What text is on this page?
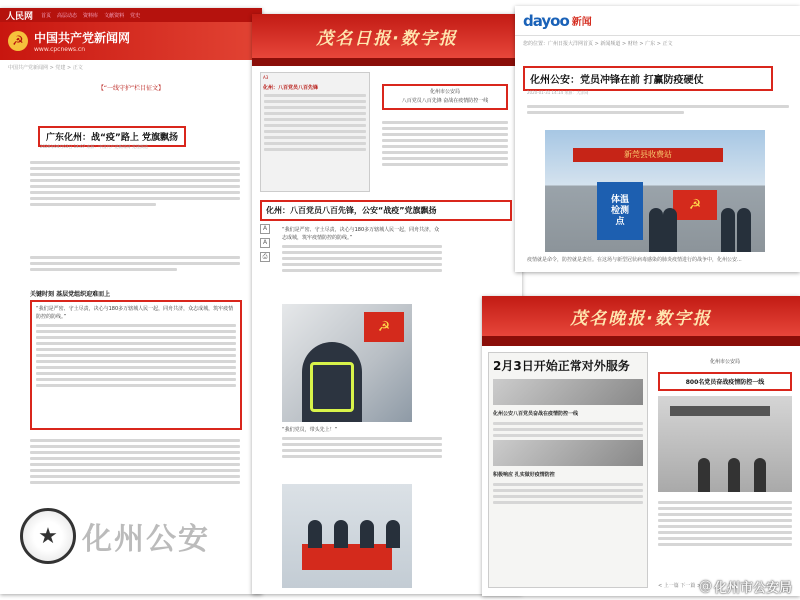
人民网 首页 高层动态 资料库 文献资料 党史
☭ 中国共产党新闻网
www.cpcnews.cn
中国共产党新闻网 > 党建 > 正文
【“一线守护”栏目征文】
广东化州：战“疫”路上 党旗飘扬
2020年04月03日 14:07 来源：中国共产党新闻网-党建频道
关键时刻 基层党组织迎难而上
“我们是严密、守土尽责，决心与180多万辖城人民一起，同舟共济，众志成城，筑牢疫情防控的防线。”
★ 化州公安
茂名日报·数字报
A3
化州：八百党员八百先锋
化州市公安局
八百党员八百先锋 奋战在疫情防控一线
化州：八百党员八百先锋，公安“战疫”党旗飘扬
A
A
⎙
“我们是严密、守土尽责，决心与180多万辖城人民一起，同舟共济，众志成城，筑牢疫情防控的防线。”
☭
“我们党员，带头先上！”
dayoo 新闻
您的位置：广州日报大洋网首页 > 新闻频道 > 财经 > 广东 > 正文
化州公安：党员冲锋在前 打赢防疫硬仗
2020-01-31 14:14 来源：大洋网
新莞县收费站
体温
检测
点
☭
疫情就是命令，防控就是责任。在这场与新型冠状病毒感染的肺炎疫情进行的战争中，化州公安...
茂名晚报·数字报
2月3日开始正常对外服务
化州公安八百党员奋战在疫情防控一线
积极响应 扎实做好疫情防控
化州市公安局
800名党员奋战疫情防控一线
< 上一篇 下一篇 >
@ 化州市公安局
